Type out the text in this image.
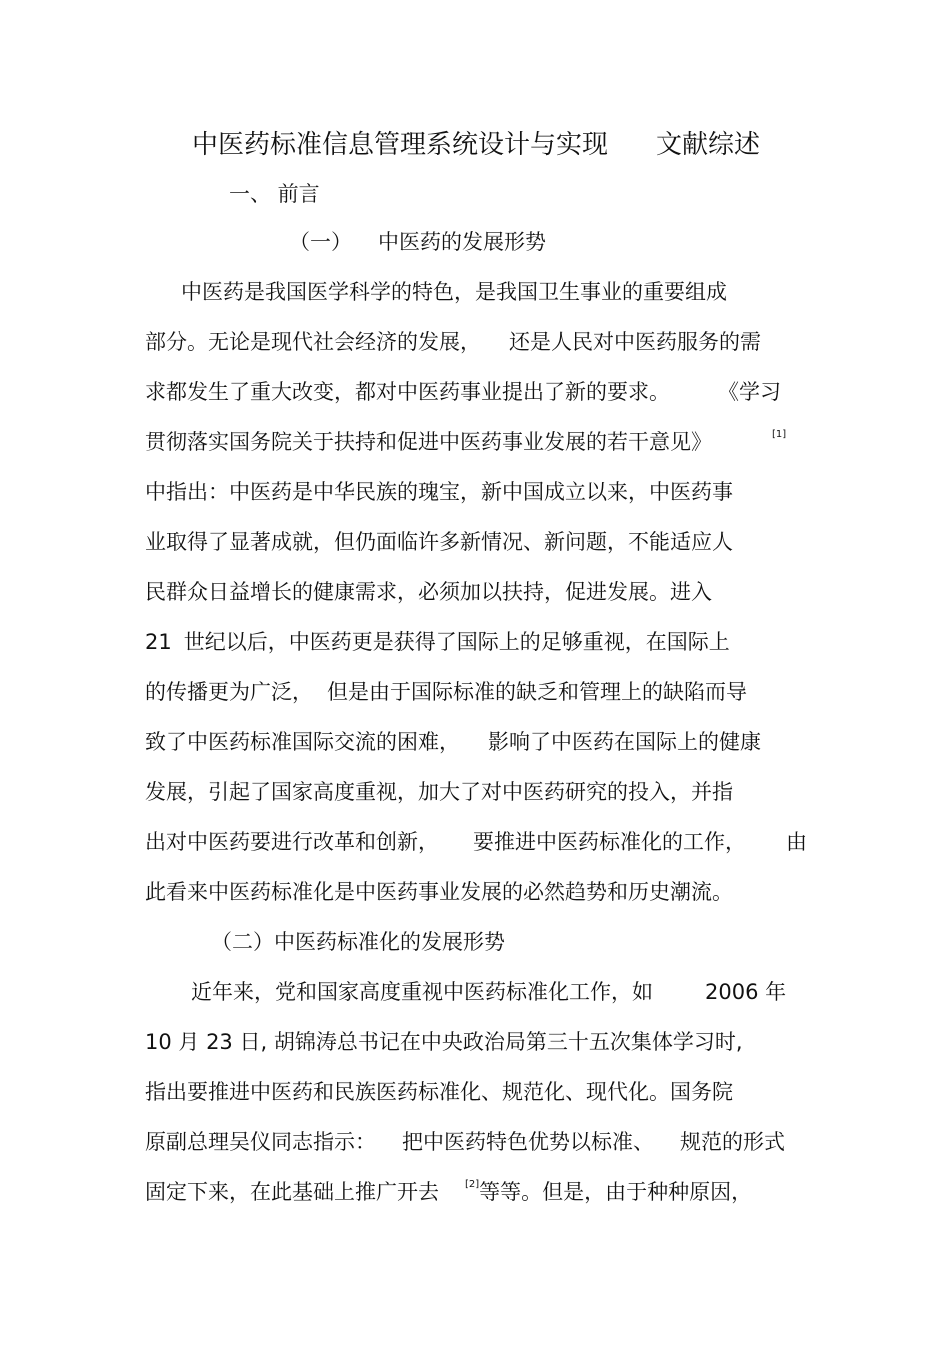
中医药标准信息管理系统设计与实现 文献综述
一、 前言
（一） 中医药的发展形势
中医药是我国医学科学的特色，是我国卫生事业的重要组成
部分。无论是现代社会经济的发展， 还是人民对中医药服务的需
求都发生了重大改变，都对中医药事业提出了新的要求。 《学习
贯彻落实国务院关于扶持和促进中医药事业发展的若干意见》	[1]
中指出：中医药是中华民族的瑰宝，新中国成立以来，中医药事
业取得了显著成就，但仍面临许多新情况、新问题，不能适应人
民群众日益增长的健康需求，必须加以扶持，促进发展。进入
21 世纪以后，中医药更是获得了国际上的足够重视，在国际上
的传播更为广泛， 但是由于国际标准的缺乏和管理上的缺陷而导
致了中医药标准国际交流的困难， 影响了中医药在国际上的健康
发展，引起了国家高度重视，加大了对中医药研究的投入，并指
出对中医药要进行改革和创新， 要推进中医药标准化的工作， 由
此看来中医药标准化是中医药事业发展的必然趋势和历史潮流。
（二）中医药标准化的发展形势
近年来，党和国家高度重视中医药标准化工作，如 2006 年
10 月 23 日, 胡锦涛总书记在中央政治局第三十五次集体学习时,
指出要推进中医药和民族医药标准化、规范化、现代化。国务院
原副总理吴仪同志指示： 把中医药特色优势以标准、 规范的形式
固定下来，在此基础上推广开去	[2]等等。但是，由于种种原因，
